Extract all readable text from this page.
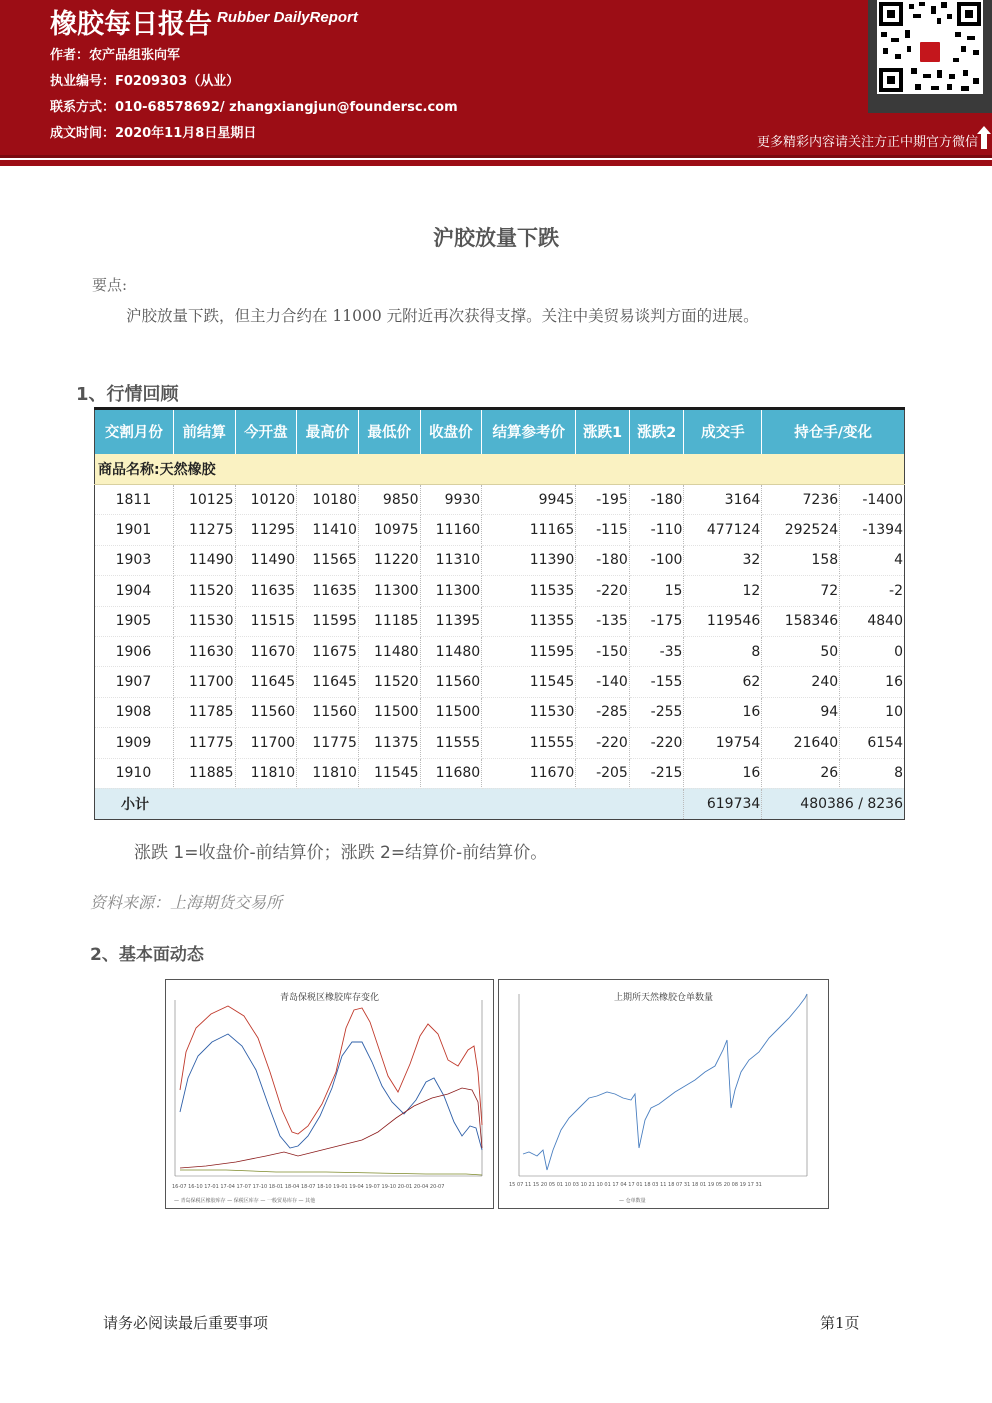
橡胶每日报告 Rubber DailyReport
作者：农产品组张向军
执业编号：F0209303（从业）
联系方式：010-68578692/ zhangxiangjun@foundersc.com
成文时间：2020年11月8日星期日
更多精彩内容请关注方正中期官方微信
沪胶放量下跌
要点:
沪胶放量下跌，但主力合约在 11000 元附近再次获得支撑。关注中美贸易谈判方面的进展。
1、行情回顾
交割月份	前结算	今开盘	最高价	最低价	收盘价	结算参考价	涨跌1	涨跌2	成交手	持仓手/变化	
商品名称:天然橡胶											
1811	10125	10120	10180	9850	9930	9945	-195	-180	3164	7236	-1400
1901	11275	11295	11410	10975	11160	11165	-115	-110	477124	292524	-1394
1903	11490	11490	11565	11220	11310	11390	-180	-100	32	158	4
1904	11520	11635	11635	11300	11300	11535	-220	15	12	72	-2
1905	11530	11515	11595	11185	11395	11355	-135	-175	119546	158346	4840
1906	11630	11670	11675	11480	11480	11595	-150	-35	8	50	0
1907	11700	11645	11645	11520	11560	11545	-140	-155	62	240	16
1908	11785	11560	11560	11500	11500	11530	-285	-255	16	94	10
1909	11775	11700	11775	11375	11555	11555	-220	-220	19754	21640	6154
1910	11885	11810	11810	11545	11680	11670	-205	-215	16	26	8
小计									619734	480386 / 8236	
涨跌 1=收盘价-前结算价；涨跌 2=结算价-前结算价。
资料来源：上海期货交易所
2、基本面动态
青岛保税区橡胶库存变化
16-07 16-10 17-01 17-04 17-07 17-10 18-01 18-04 18-07 18-10 19-01 19-04 19-07 19-10 20-01 20-04 20-07
— 青岛保税区橡胶库存 — 保税区库存 — 一般贸易库存 — 其他
上期所天然橡胶仓单数量
15 07 11 15 20 05 01 10 03 10 21 10 01 17 04 17 01 18 03 11 18 07 31 18 01 19 05 20 08 19 17 31
— 仓单数量
请务必阅读最后重要事项	第1页
